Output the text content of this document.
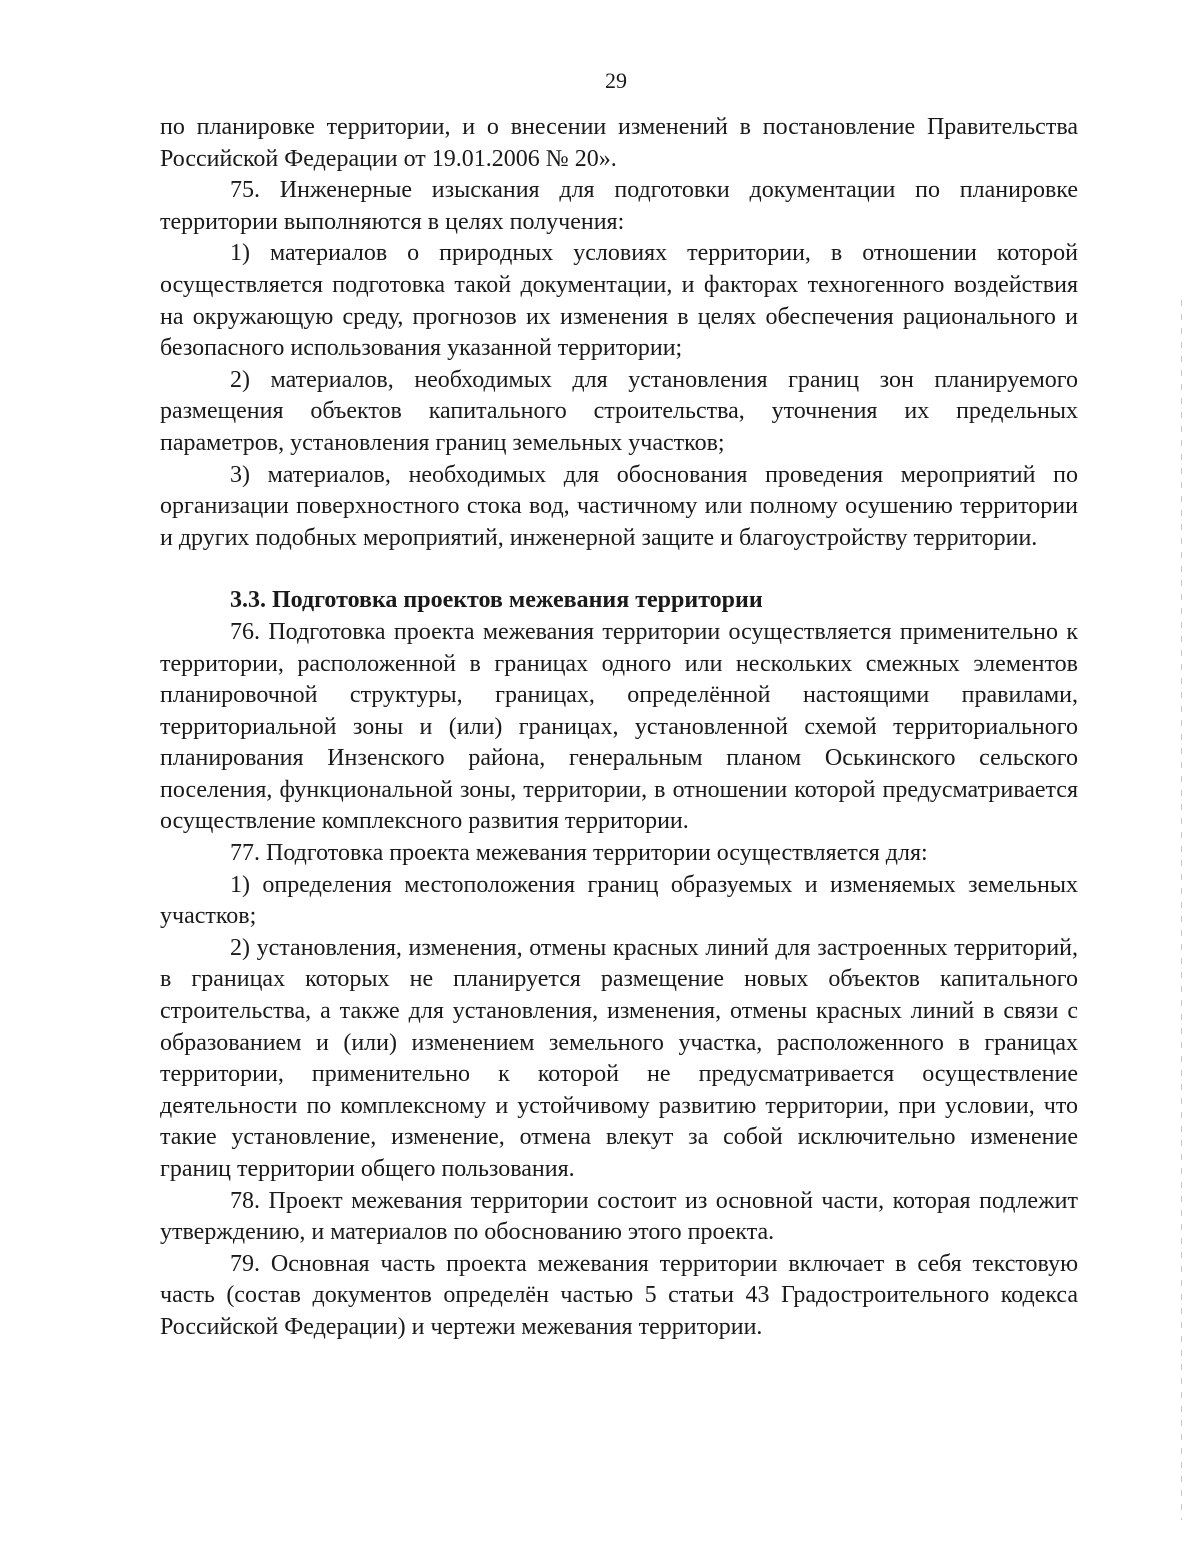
29

по планировке территории, и о внесении изменений в постановление Правительства Российской Федерации от 19.01.2006 № 20».

75. Инженерные изыскания для подготовки документации по планировке территории выполняются в целях получения:

1) материалов о природных условиях территории, в отношении которой осуществляется подготовка такой документации, и факторах техногенного воздействия на окружающую среду, прогнозов их изменения в целях обеспечения рационального и безопасного использования указанной территории;

2) материалов, необходимых для установления границ зон планируемого размещения объектов капитального строительства, уточнения их предельных параметров, установления границ земельных участков;

3) материалов, необходимых для обоснования проведения мероприятий по организации поверхностного стока вод, частичному или полному осушению территории и других подобных мероприятий, инженерной защите и благоустройству территории.

3.3. Подготовка проектов межевания территории

76. Подготовка проекта межевания территории осуществляется применительно к территории, расположенной в границах одного или нескольких смежных элементов планировочной структуры, границах, определённой настоящими правилами, территориальной зоны и (или) границах, установленной схемой территориального планирования Инзенского района, генеральным планом Оськинского сельского поселения, функциональной зоны, территории, в отношении которой предусматривается осуществление комплексного развития территории.

77. Подготовка проекта межевания территории осуществляется для:

1) определения местоположения границ образуемых и изменяемых земельных участков;

2) установления, изменения, отмены красных линий для застроенных территорий, в границах которых не планируется размещение новых объектов капитального строительства, а также для установления, изменения, отмены красных линий в связи с образованием и (или) изменением земельного участка, расположенного в границах территории, применительно к которой не предусматривается осуществление деятельности по комплексному и устойчивому развитию территории, при условии, что такие установление, изменение, отмена влекут за собой исключительно изменение границ территории общего пользования.

78. Проект межевания территории состоит из основной части, которая подлежит утверждению, и материалов по обоснованию этого проекта.

79. Основная часть проекта межевания территории включает в себя текстовую часть (состав документов определён частью 5 статьи 43 Градостроительного кодекса Российской Федерации) и чертежи межевания территории.
